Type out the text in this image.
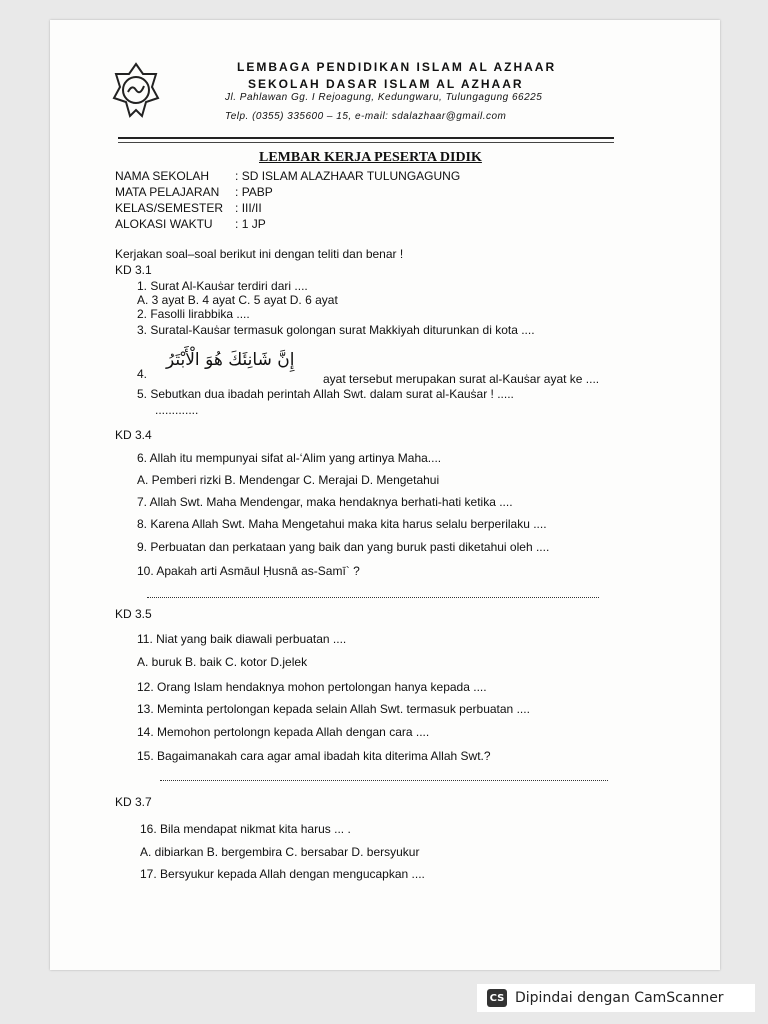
LEMBAGA PENDIDIKAN ISLAM AL AZHAAR
SEKOLAH DASAR ISLAM AL AZHAAR
Jl. Pahlawan Gg. I Rejoagung, Kedungwaru, Tulungagung 66225
Telp. (0355) 335600 – 15, e-mail: sdalazhaar@gmail.com
LEMBAR KERJA PESERTA DIDIK
NAMA SEKOLAH : SD ISLAM ALAZHAAR TULUNGAGUNG
MATA PELAJARAN : PABP
KELAS/SEMESTER : III/II
ALOKASI WAKTU : 1 JP
Kerjakan soal–soal berikut ini dengan teliti dan benar !
KD 3.1
1. Surat Al-Kauṡar terdiri dari ....
A. 3 ayat B. 4 ayat C. 5 ayat D. 6 ayat
2. Fasolli lirabbika ....
3. Suratal-Kauṡar termasuk golongan surat Makkiyah diturunkan di kota ....
4.
إِنَّ شَانِئَكَ هُوَ الْأَبْتَرُ
ayat tersebut merupakan surat al-Kauṡar ayat ke ....
5. Sebutkan dua ibadah perintah Allah Swt. dalam surat al-Kauṡar ! .....
.............
KD 3.4
6. Allah itu mempunyai sifat al-‘Alim yang artinya Maha....
A. Pemberi rizki B. Mendengar C. Merajai D. Mengetahui
7. Allah Swt. Maha Mendengar, maka hendaknya berhati-hati ketika ....
8. Karena Allah Swt. Maha Mengetahui maka kita harus selalu berperilaku ....
9. Perbuatan dan perkataan yang baik dan yang buruk pasti diketahui oleh ....
10. Apakah arti Asmāul Ḥusnā as-Samī` ?
KD 3.5
11. Niat yang baik diawali perbuatan ....
A. buruk B. baik C. kotor D.jelek
12. Orang Islam hendaknya mohon pertolongan hanya kepada ....
13. Meminta pertolongan kepada selain Allah Swt. termasuk perbuatan ....
14. Memohon pertolongn kepada Allah dengan cara ....
15. Bagaimanakah cara agar amal ibadah kita diterima Allah Swt.?
KD 3.7
16. Bila mendapat nikmat kita harus ... .
A. dibiarkan B. bergembira C. bersabar D. bersyukur
17. Bersyukur kepada Allah dengan mengucapkan ....
CS Dipindai dengan CamScanner
